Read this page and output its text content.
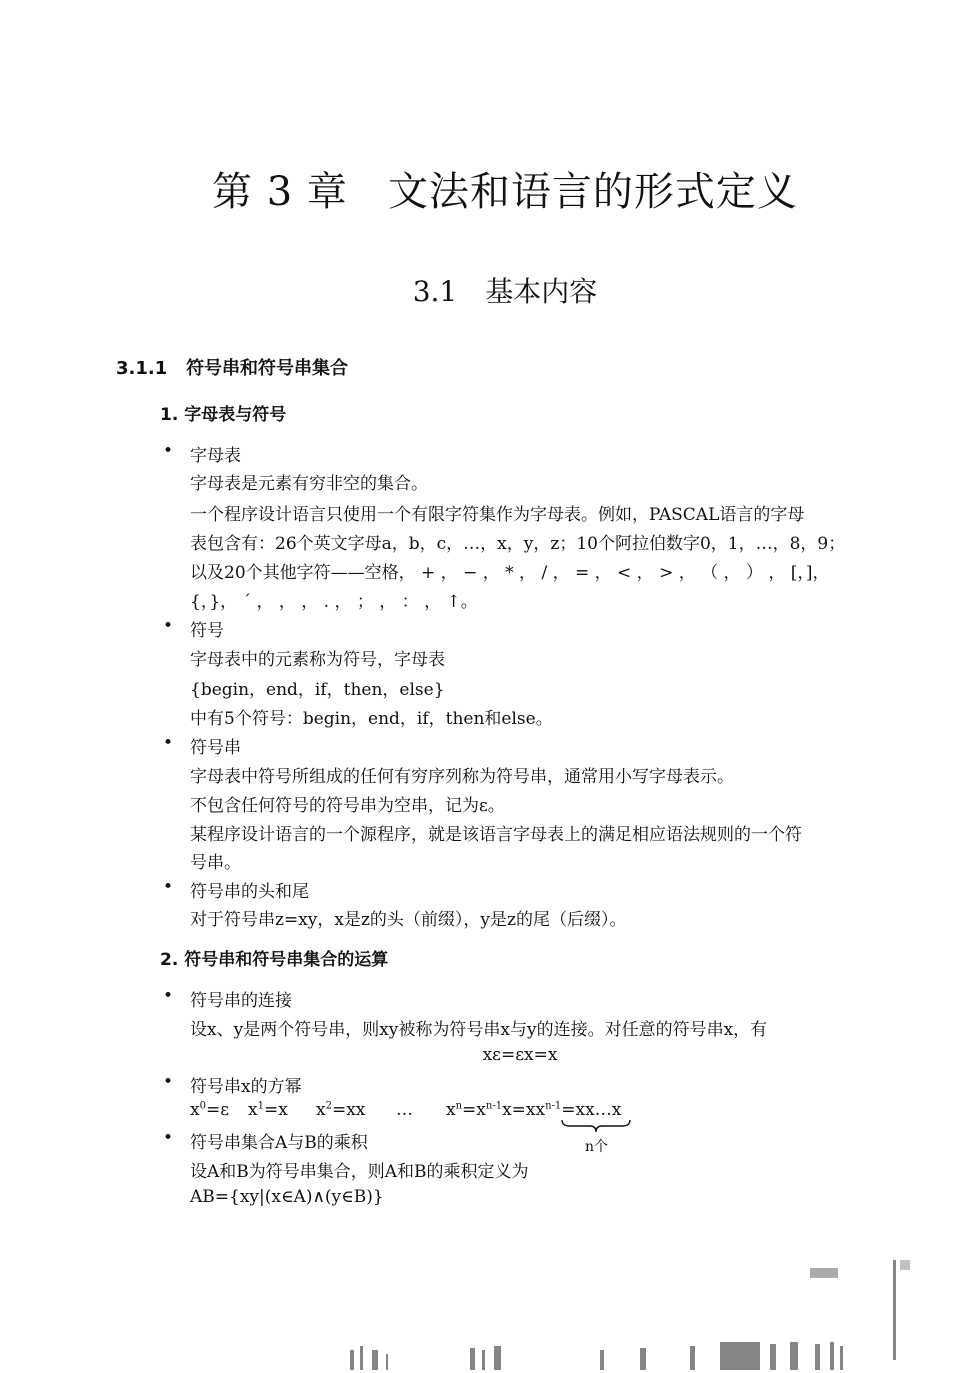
第 3 章 文法和语言的形式定义
3.1 基本内容
3.1.1 符号串和符号串集合
1. 字母表与符号
• 字母表
字母表是元素有穷非空的集合。
一个程序设计语言只使用一个有限字符集作为字母表。例如，PASCAL语言的字母
表包含有：26个英文字母a，b，c，…，x，y，z；10个阿拉伯数字0，1，…，8，9；
以及20个其他字符——空格， + ， − ， * ， / ， = ， < ， > ， （ ， ） ， [，]，
{，}， ´ ， ， ， . ， ； ， ： ， ↑。
• 符号
字母表中的元素称为符号，字母表
{begin，end，if，then，else}
中有5个符号：begin，end，if，then和else。
• 符号串
字母表中符号所组成的任何有穷序列称为符号串，通常用小写字母表示。
不包含任何符号的符号串为空串，记为ε。
某程序设计语言的一个源程序，就是该语言字母表上的满足相应语法规则的一个符
号串。
• 符号串的头和尾
对于符号串z=xy，x是z的头（前缀），y是z的尾（后缀）。
2. 符号串和符号串集合的运算
• 符号串的连接
设x、y是两个符号串，则xy被称为符号串x与y的连接。对任意的符号串x，有
xε=εx=x
• 符号串x的方幂
$x^0=\varepsilon$ $x^1=x$ $x^2=xx$ … $x^n=x^{n-1}x=xx^{n-1}=xx\dots x$
n个
• 符号串集合A与B的乘积
设A和B为符号串集合，则A和B的乘积定义为
AB={xy|(x∈A)∧(y∈B)}
